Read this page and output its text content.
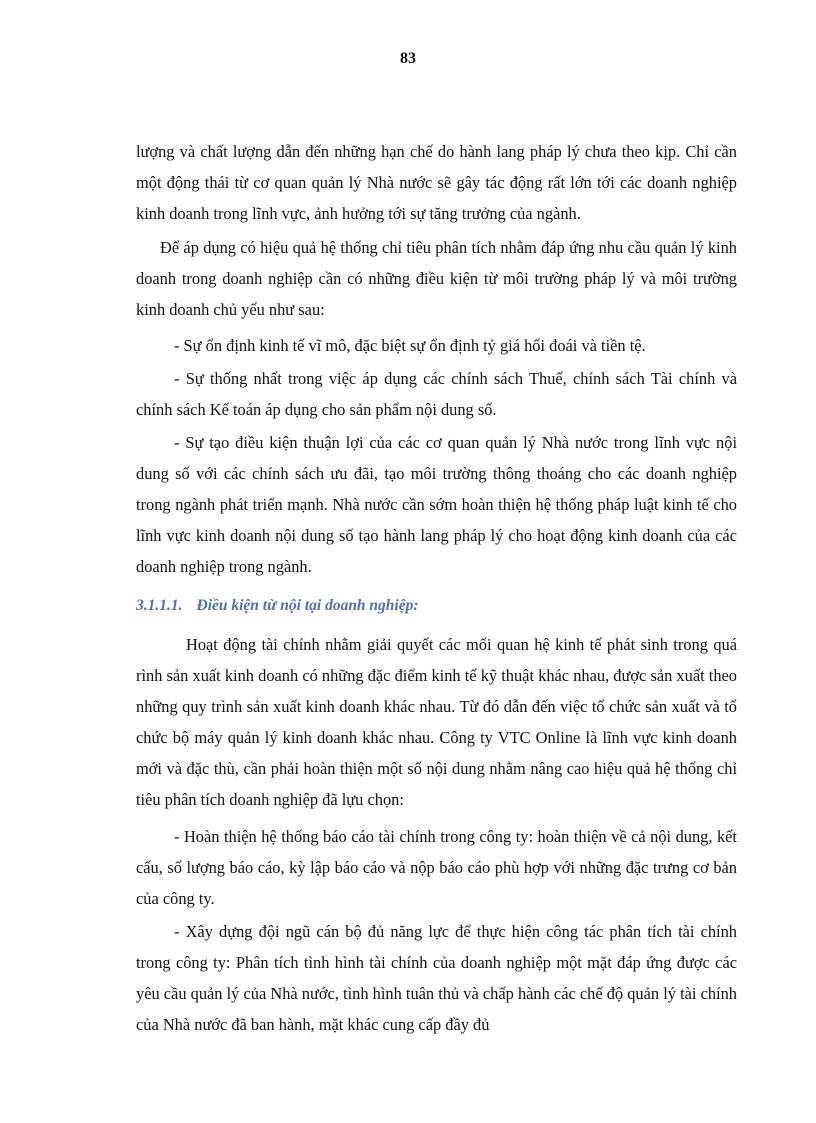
83

lượng và chất lượng dẫn đến những hạn chế do hành lang pháp lý chưa theo kịp. Chỉ cần một động thái từ cơ quan quản lý Nhà nước sẽ gây tác động rất lớn tới các doanh nghiệp kinh doanh trong lĩnh vực, ảnh hưởng tới sự tăng trưởng của ngành.

Để áp dụng có hiệu quả hệ thống chỉ tiêu phân tích nhằm đáp ứng nhu cầu quản lý kinh doanh trong doanh nghiệp cần có những điều kiện từ môi trường pháp lý và môi trường kinh doanh chủ yếu như sau:

- Sự ổn định kinh tế vĩ mô, đặc biệt sự ổn định tỷ giá hối đoái và tiền tệ.

- Sự thống nhất trong việc áp dụng các chính sách Thuế, chính sách Tài chính và chính sách Kế toán áp dụng cho sản phẩm nội dung số.

- Sự tạo điều kiện thuận lợi của các cơ quan quản lý Nhà nước trong lĩnh vực nội dung số với các chính sách ưu đãi, tạo môi trường thông thoáng cho các doanh nghiệp trong ngành phát triển mạnh. Nhà nước cần sớm hoàn thiện hệ thống pháp luật kinh tế cho lĩnh vực kinh doanh nội dung số tạo hành lang pháp lý cho hoạt động kinh doanh của các doanh nghiệp trong ngành.

3.1.1.1. Điều kiện từ nội tại doanh nghiệp:

Hoạt động tài chính nhằm giải quyết các mối quan hệ kinh tế phát sinh trong quá rình sản xuất kinh doanh có những đặc điểm kinh tế kỹ thuật khác nhau, được sản xuất theo những quy trình sản xuất kinh doanh khác nhau. Từ đó dẫn đến việc tổ chức sản xuất và tổ chức bộ máy quản lý kinh doanh khác nhau. Công ty VTC Online là lĩnh vực kinh doanh mới và đặc thù, cần phải hoàn thiện một số nội dung nhằm nâng cao hiệu quả hệ thống chỉ tiêu phân tích doanh nghiệp đã lựu chọn:

- Hoàn thiện hệ thống báo cáo tài chính trong công ty: hoàn thiện về cả nội dung, kết cấu, số lượng báo cáo, kỳ lập báo cáo và nộp báo cáo phù hợp với những đặc trưng cơ bản của công ty.

- Xây dựng đội ngũ cán bộ đủ năng lực để thực hiện công tác phân tích tài chính trong công ty: Phân tích tình hình tài chính của doanh nghiệp một mặt đáp ứng được các yêu cầu quản lý của Nhà nước, tình hình tuân thủ và chấp hành các chế độ quản lý tài chính của Nhà nước đã ban hành, mặt khác cung cấp đầy đủ
